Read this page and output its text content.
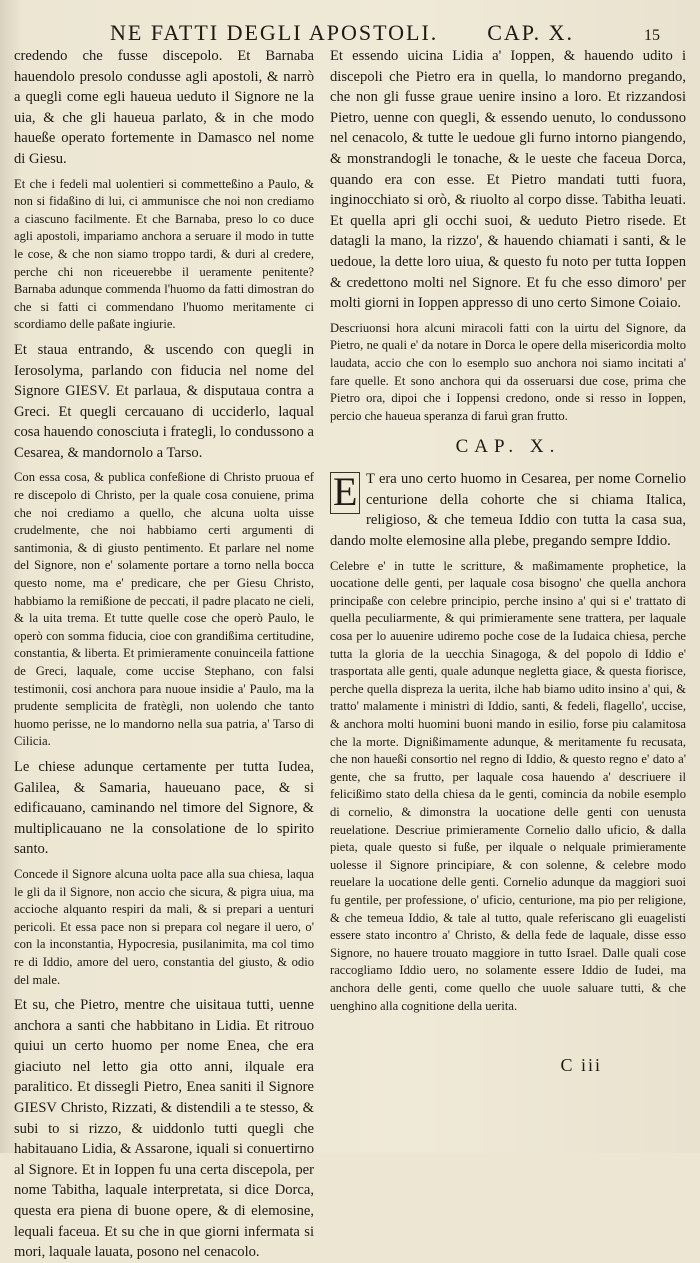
NE FATTI DEGLI APOSTOLI.	CAP. X.	15

credendo che fusse discepolo. Et Barnaba hauendolo presolo condusse agli apostoli, & narrò a quegli come egli haueua ueduto il Signore ne la uia, & che gli haueua parlato, & in che modo haueße operato fortemente in Damasco nel nome di Giesu.

Et che i fedeli mal uolentieri si commetteßino a Paulo, & non si fidaßino di lui, ci ammunisce che noi non crediamo a ciascuno facilmente. Et che Barnaba, preso lo co duce agli apostoli, impariamo anchora a seruare il modo in tutte le cose, & che non siamo troppo tardi, & duri al credere, perche chi non riceuerebbe il ueramente penitente? Barnaba adunque commenda l'huomo da fatti dimostran do che si fatti ci commendano l'huomo meritamente ci scordiamo delle paßate ingiurie.

Et staua entrando, & uscendo con quegli in Ierosolyma, parlando con fiducia nel nome del Signore GIESV. Et parlaua, & disputaua contra a Greci. Et quegli cercauano di ucciderlo, laqual cosa hauendo conosciuta i frategli, lo condussono a Cesarea, & mandornolo a Tarso.

Con essa cosa, & publica confeßione di Christo pruoua ef re discepolo di Christo, per la quale cosa conuiene, prima che noi crediamo a quello, che alcuna uolta uisse crudelmente, che noi habbiamo certi argumenti di santimonia, & di giusto pentimento. Et parlare nel nome del Signore, non e' solamente portare a torno nella bocca questo nome, ma e' predicare, che per Giesu Christo, habbiamo la remißione de peccati, il padre placato ne cieli, & la uita trema. Et tutte quelle cose che operò Paulo, le operò con somma fiducia, cioe con grandißima certitudine, constantia, & liberta. Et primieramente conuinceila fattione de Greci, laquale, come uccise Stephano, con falsi testimonii, cosi anchora para nuoue insidie a' Paulo, ma la prudente semplicita de fratègli, non uolendo che tanto huomo perisse, ne lo mandorno nella sua patria, a' Tarso di Cilicia.

Le chiese adunque certamente per tutta Iudea, Galilea, & Samaria, haueuano pace, & si edificauano, caminando nel timore del Signore, & multiplicauano ne la consolatione de lo spirito santo.

Concede il Signore alcuna uolta pace alla sua chiesa, laqua le gli da il Signore, non accio che sicura, & pigra uiua, ma accioche alquanto respiri da mali, & si prepari a uenturi pericoli. Et essa pace non si prepara col negare il uero, o' con la inconstantia, Hypocresia, pusilanimita, ma col timo re di Iddio, amore del uero, constantia del giusto, & odio del male.

Et su, che Pietro, mentre che uisitaua tutti, uenne anchora a santi che habbitano in Lidia. Et ritrouo quiui un certo huomo per nome Enea, che era giaciuto nel letto gia otto anni, ilquale era paralitico. Et dissegli Pietro, Enea saniti il Signore GIESV Christo, Rizzati, & distendili a te stesso, & subi to si rizzo, & uiddonlo tutti quegli che habitauano Lidia, & Assarone, iquali si conuertirno al Signore. Et in Ioppen fu una certa discepola, per nome Tabitha, laquale interpretata, si dice Dorca, questa era piena di buone opere, & di elemosine, lequali faceua. Et su che in que giorni infermata si mori, laquale lauata, posono nel cenacolo.

Et essendo uicina Lidia a' Ioppen, & hauendo udito i discepoli che Pietro era in quella, lo mandorno pregando, che non gli fusse graue uenire insino a loro. Et rizzandosi Pietro, uenne con quegli, & essendo uenuto, lo condussono nel cenacolo, & tutte le uedoue gli furno intorno piangendo, & monstrandogli le tonache, & le ueste che faceua Dorca, quando era con esse. Et Pietro mandati tutti fuora, inginocchiato si orò, & riuolto al corpo disse. Tabitha leuati. Et quella apri gli occhi suoi, & ueduto Pietro risede. Et datagli la mano, la rizzo', & hauendo chiamati i santi, & le uedoue, la dette loro uiua, & questo fu noto per tutta Ioppen & credettono molti nel Signore. Et fu che esso dimoro' per molti giorni in Ioppen appresso di uno certo Simone Coiaio.

Descriuonsi hora alcuni miracoli fatti con la uirtu del Signore, da Pietro, ne quali e' da notare in Dorca le opere della misericordia molto laudata, accio che con lo esemplo suo anchora noi siamo incitati a' fare quelle. Et sono anchora qui da osseruarsi due cose, prima che Pietro ora, dipoi che i Ioppensi credono, onde si resso in Ioppen, percio che haueua speranza di faruì gran frutto.

CAP. X.
E T era uno certo huomo in Cesarea, per nome Cornelio centurione della cohorte che si chiama Italica, religioso, & che temeua Iddio con tutta la casa sua, dando molte elemosine alla plebe, pregando sempre Iddio.

Celebre e' in tutte le scritture, & maßimamente prophetice, la uocatione delle genti, per laquale cosa bisogno' che quella anchora principaße con celebre principio, perche insino a' qui si e' trattato di quella peculiarmente, & qui primieramente sene trattera, per laquale cosa per lo auuenire udiremo poche cose de la Iudaica chiesa, perche tutta la gloria de la uecchia Sinagoga, & del popolo di Iddio e' trasportata alle genti, quale adunque negletta giace, & questa fiorisce, perche quella dispreza la uerita, ilche hab biamo udito insino a' qui, & tratto' malamente i ministri di Iddio, santi, & fedeli, flagello', uccise, & anchora molti huomini buoni mando in esilio, forse piu calamitosa che la morte. Dignißimamente adunque, & meritamente fu recusata, che non haueßi consortio nel regno di Iddio, & questo regno e' dato a' gente, che sa frutto, per laquale cosa hauendo a' descriuere il felicißimo stato della chiesa da le genti, comincia da nobile esemplo di cornelio, & dimonstra la uocatione delle genti con uenusta reuelatione. Descriue primieramente Cornelio dallo uficio, & dalla pieta, quale questo si fuße, per ilquale o nelquale primieramente uolesse il Signore principiare, & con solenne, & celebre modo reuelare la uocatione delle genti. Cornelio adunque da maggiori suoi fu gentile, per professione, o' uficio, centurione, ma pio per religione, & che temeua Iddio, & tale al tutto, quale referiscano gli euagelisti essere stato incontro a' Christo, & della fede de laquale, disse esso Signore, no hauere trouato maggiore in tutto Israel. Dalle quali cose raccogliamo Iddio uero, no solamente essere Iddio de Iudei, ma anchora delle genti, come quello che uuole saluare tutti, & che uenghino alla cognitione della uerita.

C iii
